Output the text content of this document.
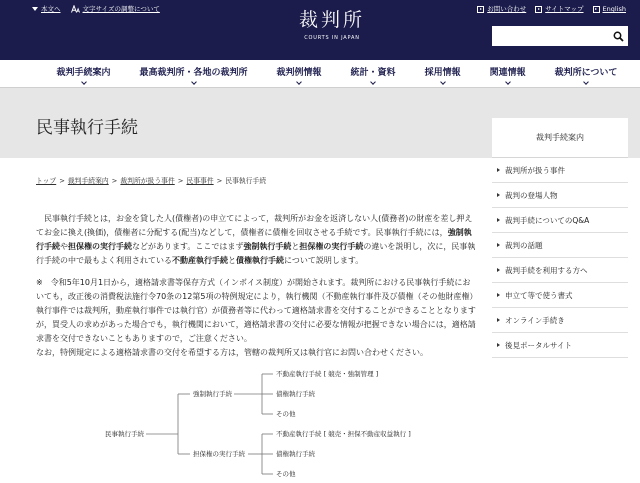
本文へ	文字サイズの調整について	裁判所
COURTS IN JAPAN
お問い合わせ	サイトマップ	English
裁判手続案内	最高裁判所・各地の裁判所	裁判例情報	統計・資料	採用情報	関連情報	裁判所について
民事執行手続	裁判手続案内
裁判所が扱う事件
裁判の登場人物
裁判手続についてのQ&A
裁判の話題
裁判手続を利用する方へ
申立て等で使う書式
オンライン手続き
後見ポータルサイト
トップ > 裁判手続案内 > 裁判所が扱う事件 > 民事事件 > 民事執行手続

民事執行手続とは，お金を貸した人(債権者)の申立てによって，裁判所がお金を返済しない人(債務者)の財産を差し押えてお金に換え(換価)，債権者に分配する(配当)などして，債権者に債権を回収させる手続です。民事執行手続には，強制執行手続や担保権の実行手続などがあります。ここではまず強制執行手続と担保権の実行手続の違いを説明し，次に，民事執行手続の中で最もよく利用されている不動産執行手続と債権執行手続について説明します。

※　令和5年10月1日から，適格請求書等保存方式（インボイス制度）が開始されます。裁判所における民事執行手続においても，改正後の消費税法施行令70条の12第5項の特例規定により，執行機関（不動産執行事件及び債権（その他財産権）執行事件では裁判所，動産執行事件では執行官）が債務者等に代わって適格請求書を交付することができることとなりますが，買受人の求めがあった場合でも，執行機関において，適格請求書の交付に必要な情報が把握できない場合には，適格請求書を交付できないこともありますので，ご注意ください。

なお，特例規定による適格請求書の交付を希望する方は，管轄の裁判所又は執行官にお問い合わせください。

民事執行手続
強制執行手続
担保権の実行手続
不動産執行手続 [ 競売・強制管理 ]
債権執行手続
その他
不動産執行手続 [ 競売・担保不動産収益執行 ]
債権執行手続
その他
